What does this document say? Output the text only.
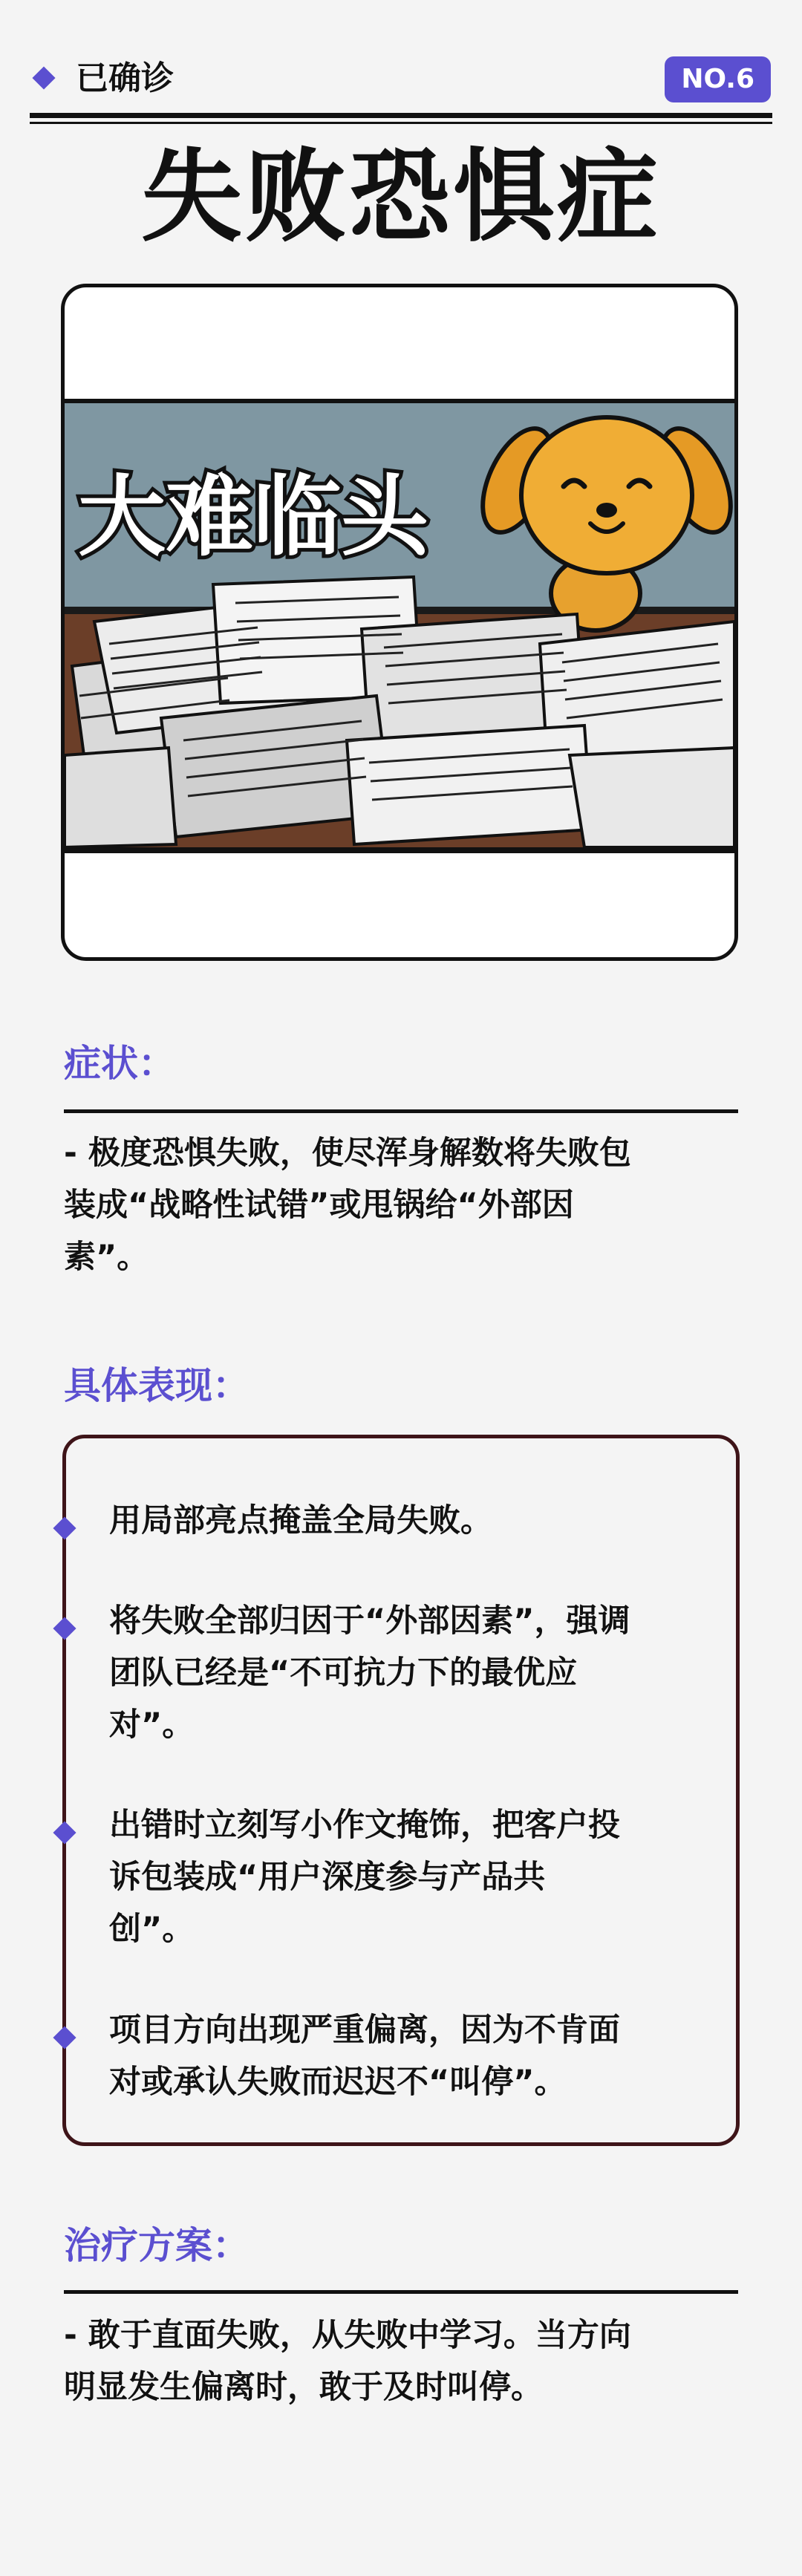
已确诊	NO.6
失败恐惧症
大难临头
症状：
- 极度恐惧失败，使尽浑身解数将失败包
装成“战略性试错”或甩锅给“外部因
素”。
具体表现：
用局部亮点掩盖全局失败。
将失败全部归因于“外部因素”，强调
团队已经是“不可抗力下的最优应
对”。
出错时立刻写小作文掩饰，把客户投
诉包装成“用户深度参与产品共
创”。
项目方向出现严重偏离，因为不肯面
对或承认失败而迟迟不“叫停”。
治疗方案：
- 敢于直面失败，从失败中学习。当方向
明显发生偏离时，敢于及时叫停。
